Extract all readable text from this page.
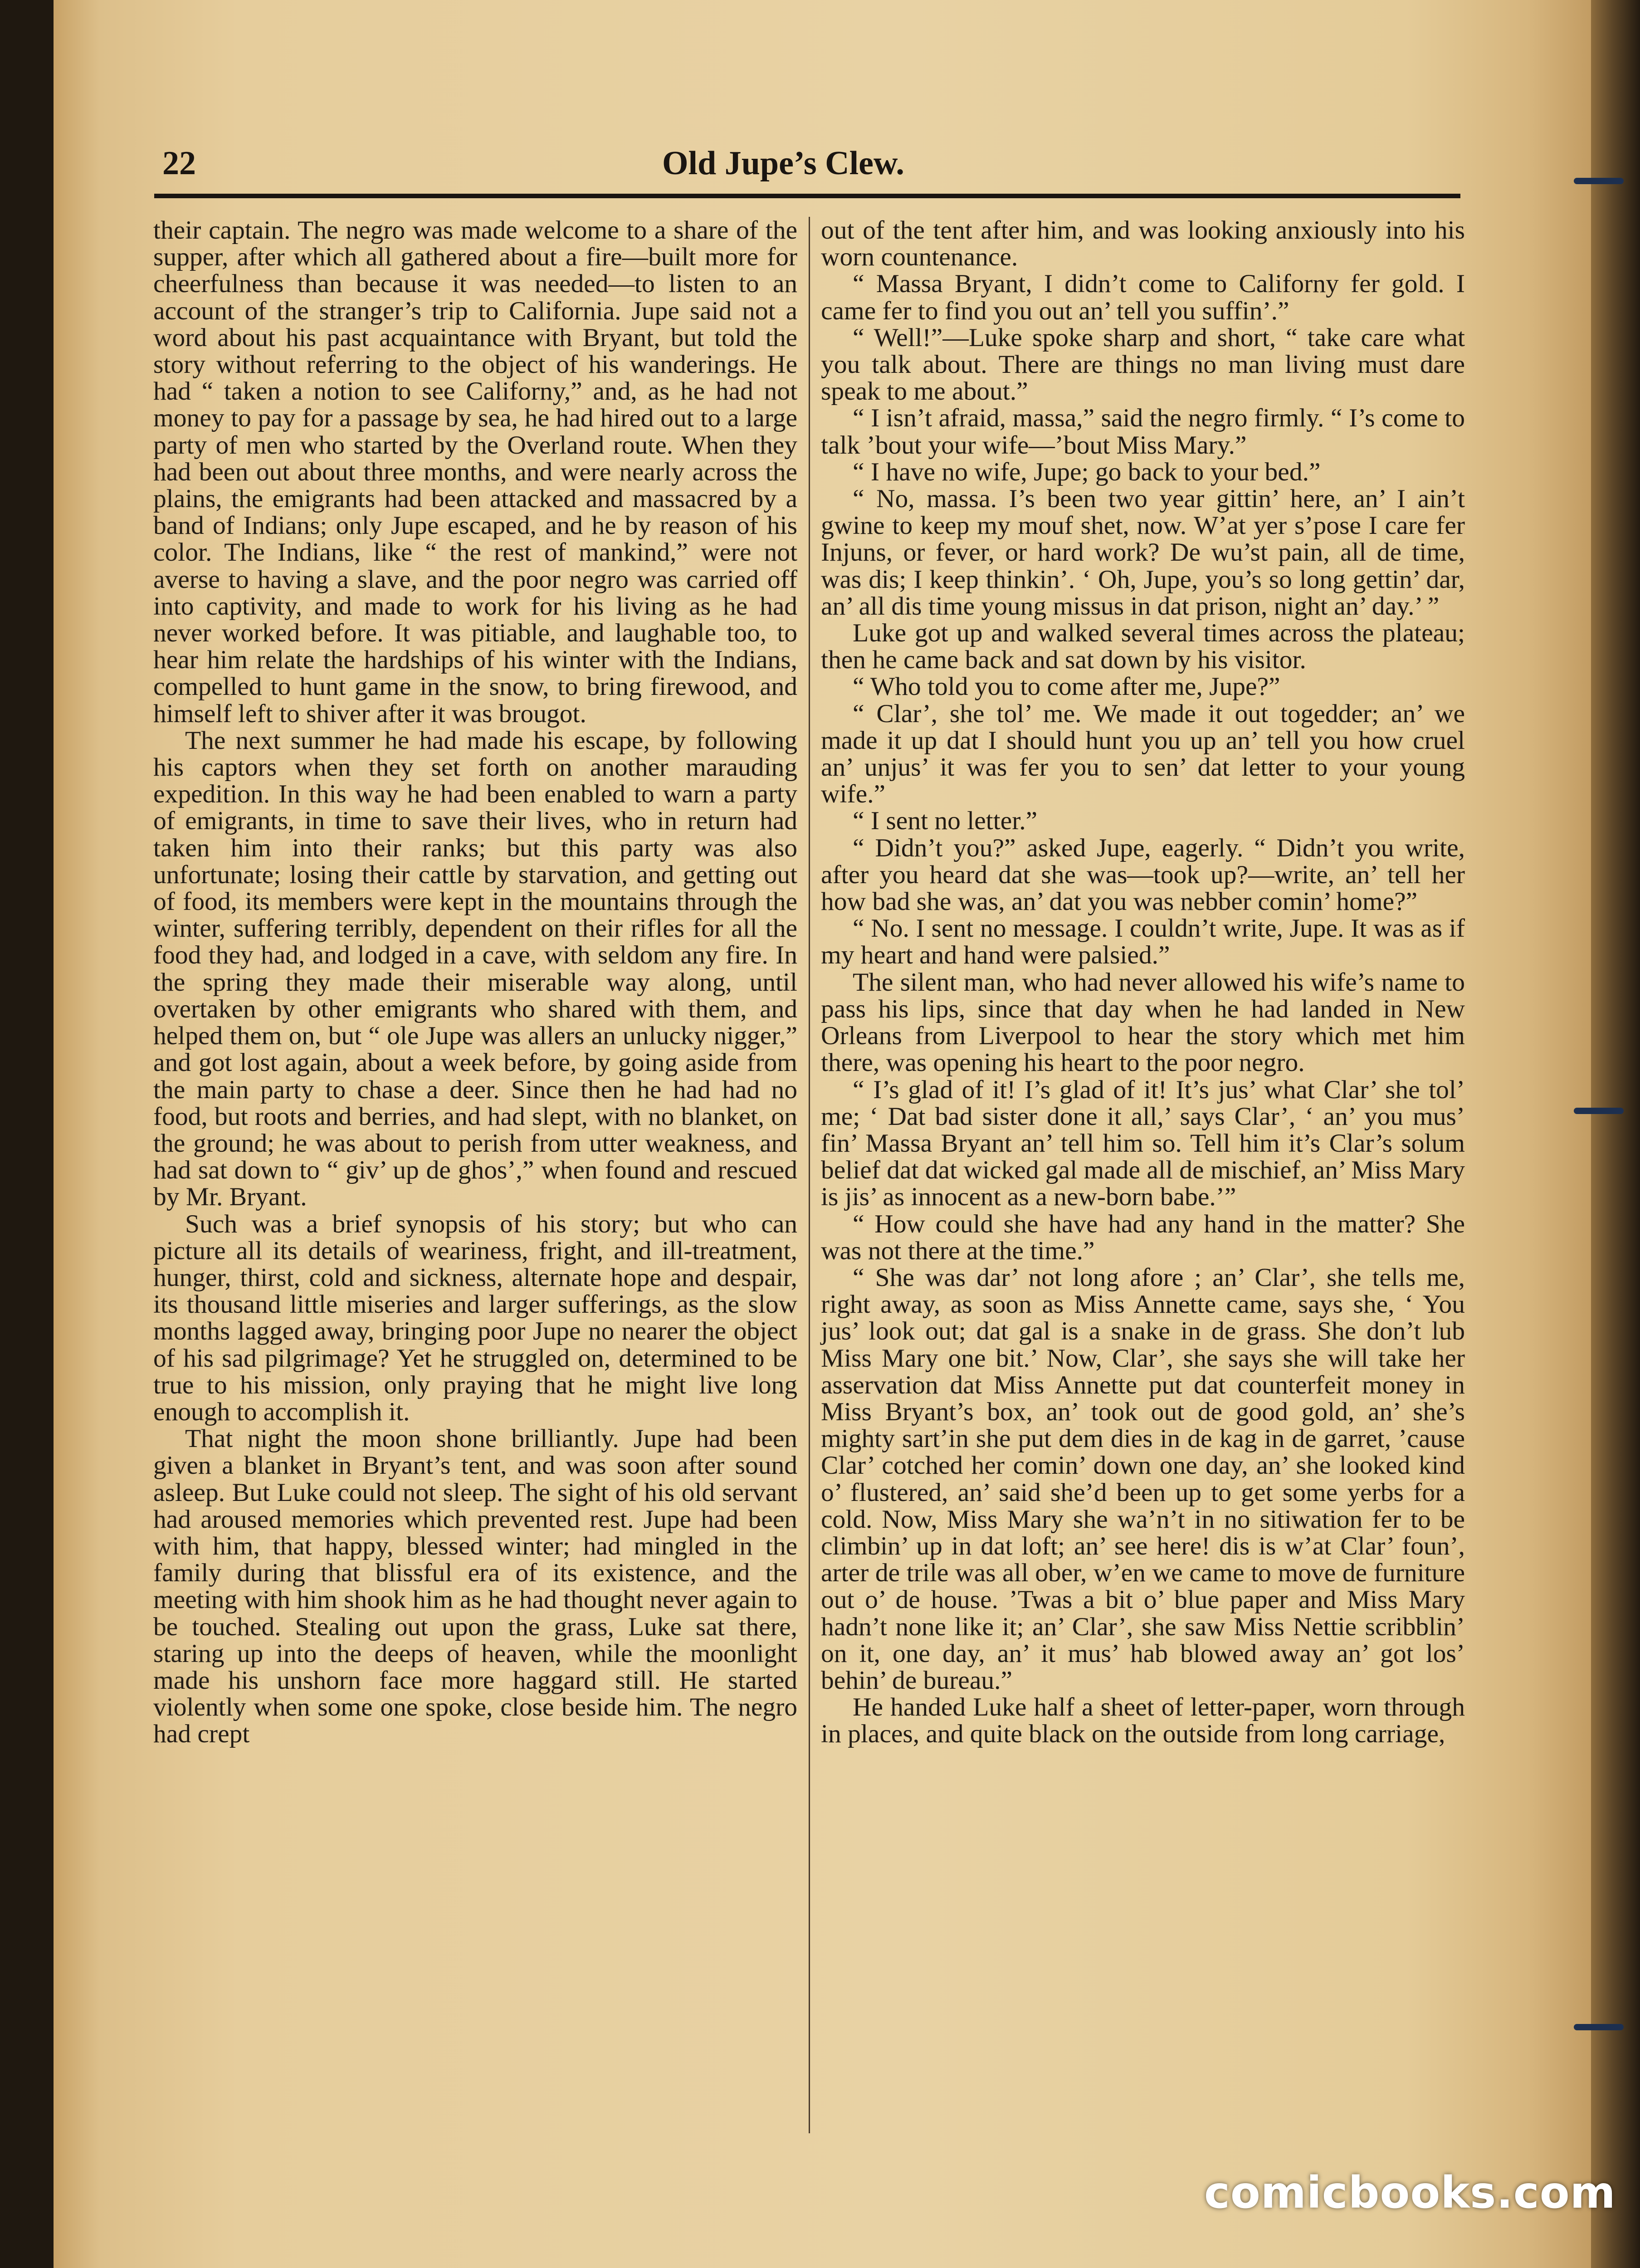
22	Old Jupe’s Clew.

their captain. The negro was made welcome to a share of the supper, after which all gathered about a fire—built more for cheerfulness than because it was needed—to listen to an account of the stranger’s trip to California. Jupe said not a word about his past acquaintance with Bryant, but told the story without referring to the object of his wanderings. He had “ taken a notion to see Californy,” and, as he had not money to pay for a passage by sea, he had hired out to a large party of men who started by the Overland route. When they had been out about three months, and were nearly across the plains, the emigrants had been attacked and massacred by a band of Indians; only Jupe escaped, and he by reason of his color. The Indians, like “ the rest of mankind,” were not averse to having a slave, and the poor negro was carried off into captivity, and made to work for his living as he had never worked before. It was pitiable, and laughable too, to hear him relate the hardships of his winter with the Indians, compelled to hunt game in the snow, to bring firewood, and himself left to shiver after it was brougot.

The next summer he had made his escape, by following his captors when they set forth on another marauding expedition. In this way he had been enabled to warn a party of emigrants, in time to save their lives, who in return had taken him into their ranks; but this party was also unfortunate; losing their cattle by starvation, and getting out of food, its members were kept in the mountains through the winter, suffering terribly, dependent on their rifles for all the food they had, and lodged in a cave, with seldom any fire. In the spring they made their miserable way along, until overtaken by other emigrants who shared with them, and helped them on, but “ ole Jupe was allers an unlucky nigger,” and got lost again, about a week before, by going aside from the main party to chase a deer. Since then he had had no food, but roots and berries, and had slept, with no blanket, on the ground; he was about to perish from utter weakness, and had sat down to “ giv’ up de ghos’,” when found and rescued by Mr. Bryant.

Such was a brief synopsis of his story; but who can picture all its details of weariness, fright, and ill-treatment, hunger, thirst, cold and sickness, alternate hope and despair, its thousand little miseries and larger sufferings, as the slow months lagged away, bringing poor Jupe no nearer the object of his sad pilgrimage? Yet he struggled on, determined to be true to his mission, only praying that he might live long enough to accomplish it.

That night the moon shone brilliantly. Jupe had been given a blanket in Bryant’s tent, and was soon after sound asleep. But Luke could not sleep. The sight of his old servant had aroused memories which prevented rest. Jupe had been with him, that happy, blessed winter; had mingled in the family during that blissful era of its existence, and the meeting with him shook him as he had thought never again to be touched. Stealing out upon the grass, Luke sat there, staring up into the deeps of heaven, while the moonlight made his unshorn face more haggard still. He started violently when some one spoke, close beside him. The negro had crept

out of the tent after him, and was looking anxiously into his worn countenance.

“ Massa Bryant, I didn’t come to Californy fer gold. I came fer to find you out an’ tell you suffin’.”

“ Well!”—Luke spoke sharp and short, “ take care what you talk about. There are things no man living must dare speak to me about.”

“ I isn’t afraid, massa,” said the negro firmly. “ I’s come to talk ’bout your wife—’bout Miss Mary.”

“ I have no wife, Jupe; go back to your bed.”

“ No, massa. I’s been two year gittin’ here, an’ I ain’t gwine to keep my mouf shet, now. W’at yer s’pose I care fer Injuns, or fever, or hard work? De wu’st pain, all de time, was dis; I keep thinkin’. ‘ Oh, Jupe, you’s so long gettin’ dar, an’ all dis time young missus in dat prison, night an’ day.’ ”

Luke got up and walked several times across the plateau; then he came back and sat down by his visitor.

“ Who told you to come after me, Jupe?”

“ Clar’, she tol’ me. We made it out togedder; an’ we made it up dat I should hunt you up an’ tell you how cruel an’ unjus’ it was fer you to sen’ dat letter to your young wife.”

“ I sent no letter.”

“ Didn’t you?” asked Jupe, eagerly. “ Didn’t you write, after you heard dat she was—took up?—write, an’ tell her how bad she was, an’ dat you was nebber comin’ home?”

“ No. I sent no message. I couldn’t write, Jupe. It was as if my heart and hand were palsied.”

The silent man, who had never allowed his wife’s name to pass his lips, since that day when he had landed in New Orleans from Liverpool to hear the story which met him there, was opening his heart to the poor negro.

“ I’s glad of it! I’s glad of it! It’s jus’ what Clar’ she tol’ me; ‘ Dat bad sister done it all,’ says Clar’, ‘ an’ you mus’ fin’ Massa Bryant an’ tell him so. Tell him it’s Clar’s solum belief dat dat wicked gal made all de mischief, an’ Miss Mary is jis’ as innocent as a new-born babe.’”

“ How could she have had any hand in the matter? She was not there at the time.”

“ She was dar’ not long afore ; an’ Clar’, she tells me, right away, as soon as Miss Annette came, says she, ‘ You jus’ look out; dat gal is a snake in de grass. She don’t lub Miss Mary one bit.’ Now, Clar’, she says she will take her asservation dat Miss Annette put dat counterfeit money in Miss Bryant’s box, an’ took out de good gold, an’ she’s mighty sart’in she put dem dies in de kag in de garret, ’cause Clar’ cotched her comin’ down one day, an’ she looked kind o’ flustered, an’ said she’d been up to get some yerbs for a cold. Now, Miss Mary she wa’n’t in no sitiwation fer to be climbin’ up in dat loft; an’ see here! dis is w’at Clar’ foun’, arter de trile was all ober, w’en we came to move de furniture out o’ de house. ’Twas a bit o’ blue paper and Miss Mary hadn’t none like it; an’ Clar’, she saw Miss Nettie scribblin’ on it, one day, an’ it mus’ hab blowed away an’ got los’ behin’ de bureau.”

He handed Luke half a sheet of letter-paper, worn through in places, and quite black on the outside from long carriage,

comicbooks.com
